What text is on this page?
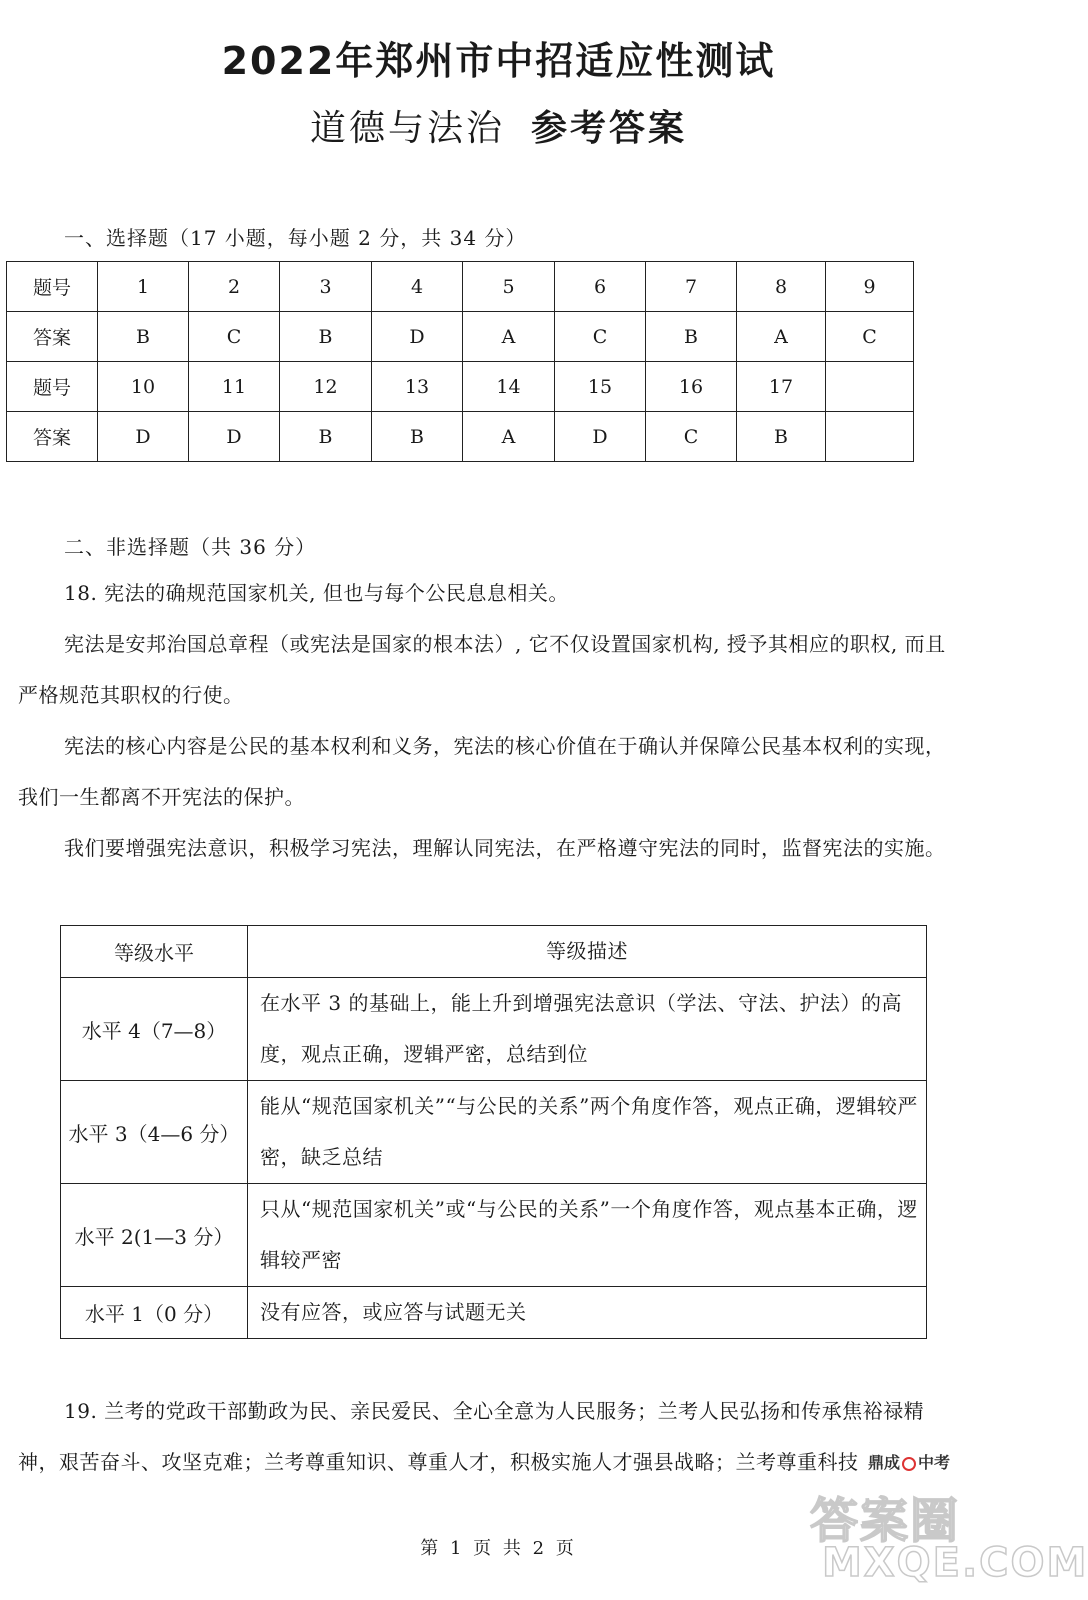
2022年郑州市中招适应性测试
道德与法治 参考答案
一、选择题（17 小题，每小题 2 分，共 34 分）
题号	1	2	3	4	5	6	7	8	9
答案	B	C	B	D	A	C	B	A	C
题号	10	11	12	13	14	15	16	17	
答案	D	D	B	B	A	D	C	B	
二、非选择题（共 36 分）
18. 宪法的确规范国家机关, 但也与每个公民息息相关。
宪法是安邦治国总章程（或宪法是国家的根本法）, 它不仅设置国家机构, 授予其相应的职权, 而且严格规范其职权的行使。
宪法的核心内容是公民的基本权利和义务，宪法的核心价值在于确认并保障公民基本权利的实现，我们一生都离不开宪法的保护。
我们要增强宪法意识，积极学习宪法，理解认同宪法，在严格遵守宪法的同时，监督宪法的实施。
等级水平	等级描述
水平 4（7—8）	在水平 3 的基础上，能上升到增强宪法意识（学法、守法、护法）的高度，观点正确，逻辑严密，总结到位
水平 3（4—6 分）	能从“规范国家机关”“与公民的关系”两个角度作答，观点正确，逻辑较严密，缺乏总结
水平 2(1—3 分）	只从“规范国家机关”或“与公民的关系”一个角度作答，观点基本正确，逻辑较严密
水平 1（0 分）	没有应答，或应答与试题无关
19. 兰考的党政干部勤政为民、亲民爱民、全心全意为人民服务；兰考人民弘扬和传承焦裕禄精神，艰苦奋斗、攻坚克难；兰考尊重知识、尊重人才，积极实施人才强县战略；兰考尊重科技 鼎成 中考
答案圈
MXQE.COM
第 1 页 共 2 页
